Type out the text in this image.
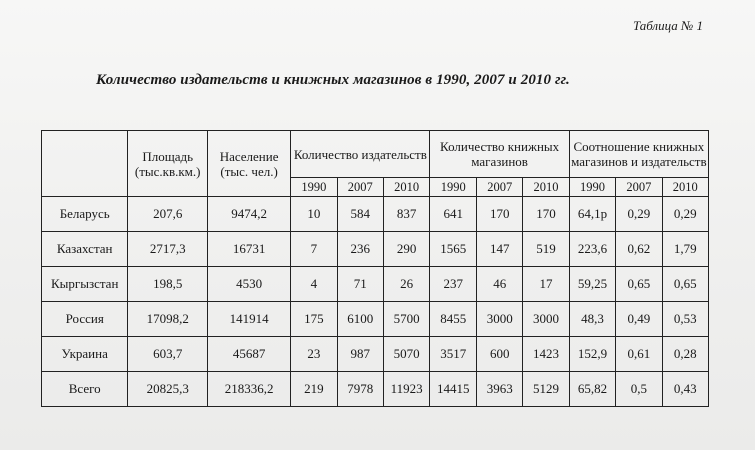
Таблица № 1
Количество издательств и книжных магазинов в 1990, 2007 и 2010 гг.
	Площадь (тыс.кв.км.)	Население (тыс. чел.)	Количество издательств			Количество книжных магазинов			Соотношение книжных магазинов и издательств		
			1990	2007	2010	1990	2007	2010	1990	2007	2010
Беларусь	207,6	9474,2	10	584	837	641	170	170	64,1р	0,29	0,29
Казахстан	2717,3	16731	7	236	290	1565	147	519	223,6	0,62	1,79
Кыргызстан	198,5	4530	4	71	26	237	46	17	59,25	0,65	0,65
Россия	17098,2	141914	175	6100	5700	8455	3000	3000	48,3	0,49	0,53
Украина	603,7	45687	23	987	5070	3517	600	1423	152,9	0,61	0,28
Всего	20825,3	218336,2	219	7978	11923	14415	3963	5129	65,82	0,5	0,43
